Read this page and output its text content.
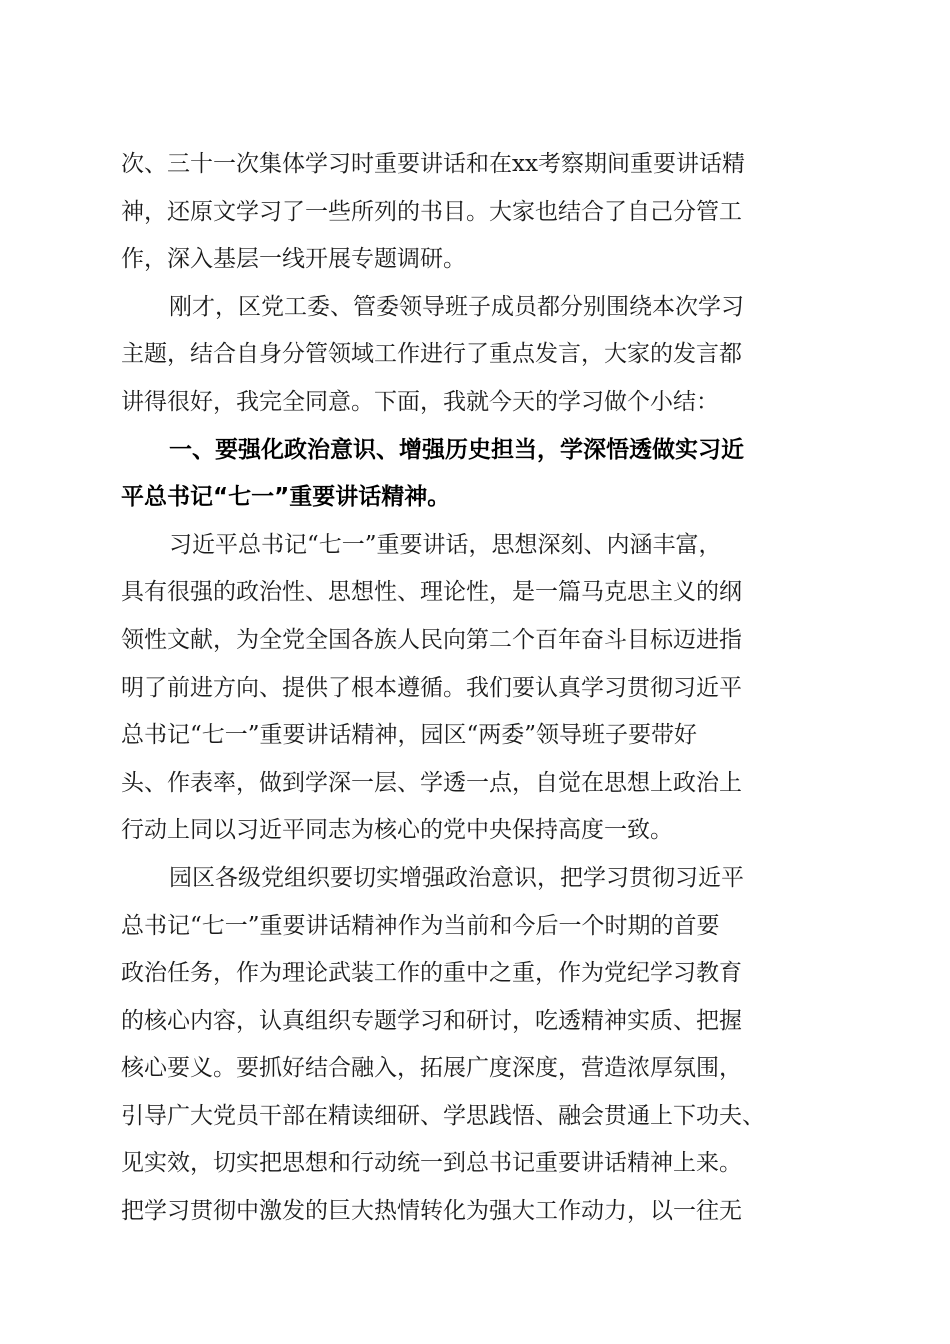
次、三十一次集体学习时重要讲话和在xx考察期间重要讲话精
神，还原文学习了一些所列的书目。大家也结合了自己分管工
作，深入基层一线开展专题调研。
刚才，区党工委、管委领导班子成员都分别围绕本次学习
主题，结合自身分管领域工作进行了重点发言，大家的发言都
讲得很好，我完全同意。下面，我就今天的学习做个小结：
一、要强化政治意识、增强历史担当，学深悟透做实习近
平总书记“七一”重要讲话精神。
习近平总书记“七一”重要讲话，思想深刻、内涵丰富，
具有很强的政治性、思想性、理论性，是一篇马克思主义的纲
领性文献，为全党全国各族人民向第二个百年奋斗目标迈进指
明了前进方向、提供了根本遵循。我们要认真学习贯彻习近平
总书记“七一”重要讲话精神，园区“两委”领导班子要带好
头、作表率，做到学深一层、学透一点，自觉在思想上政治上
行动上同以习近平同志为核心的党中央保持高度一致。
园区各级党组织要切实增强政治意识，把学习贯彻习近平
总书记“七一”重要讲话精神作为当前和今后一个时期的首要
政治任务，作为理论武装工作的重中之重，作为党纪学习教育
的核心内容，认真组织专题学习和研讨，吃透精神实质、把握
核心要义。要抓好结合融入，拓展广度深度，营造浓厚氛围，
引导广大党员干部在精读细研、学思践悟、融会贯通上下功夫、
见实效，切实把思想和行动统一到总书记重要讲话精神上来。
把学习贯彻中激发的巨大热情转化为强大工作动力，以一往无
